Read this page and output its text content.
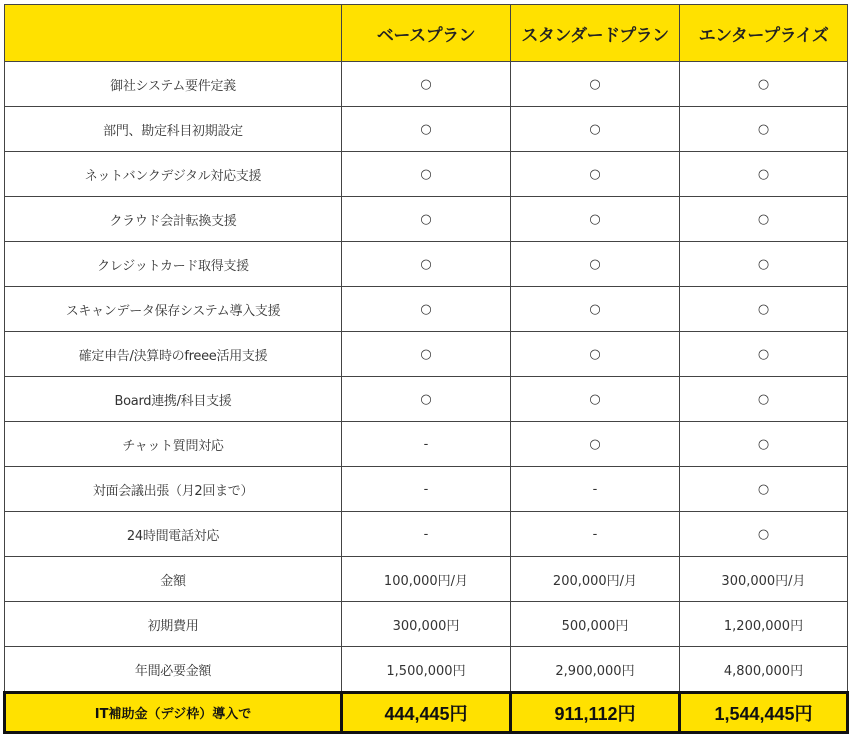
	ベースプラン	スタンダードプラン	エンタープライズ
御社システム要件定義	○	○	○
部門、勘定科目初期設定	○	○	○
ネットバンクデジタル対応支援	○	○	○
クラウド会計転換支援	○	○	○
クレジットカード取得支援	○	○	○
スキャンデータ保存システム導入支援	○	○	○
確定申告/決算時のfreee活用支援	○	○	○
Board連携/科目支援	○	○	○
チャット質問対応	-	○	○
対面会議出張（月2回まで）	-	-	○
24時間電話対応	-	-	○
金額	100,000円/月	200,000円/月	300,000円/月
初期費用	300,000円	500,000円	1,200,000円
年間必要金額	1,500,000円	2,900,000円	4,800,000円
IT補助金（デジ枠）導入で	444,445円	911,112円	1,544,445円
